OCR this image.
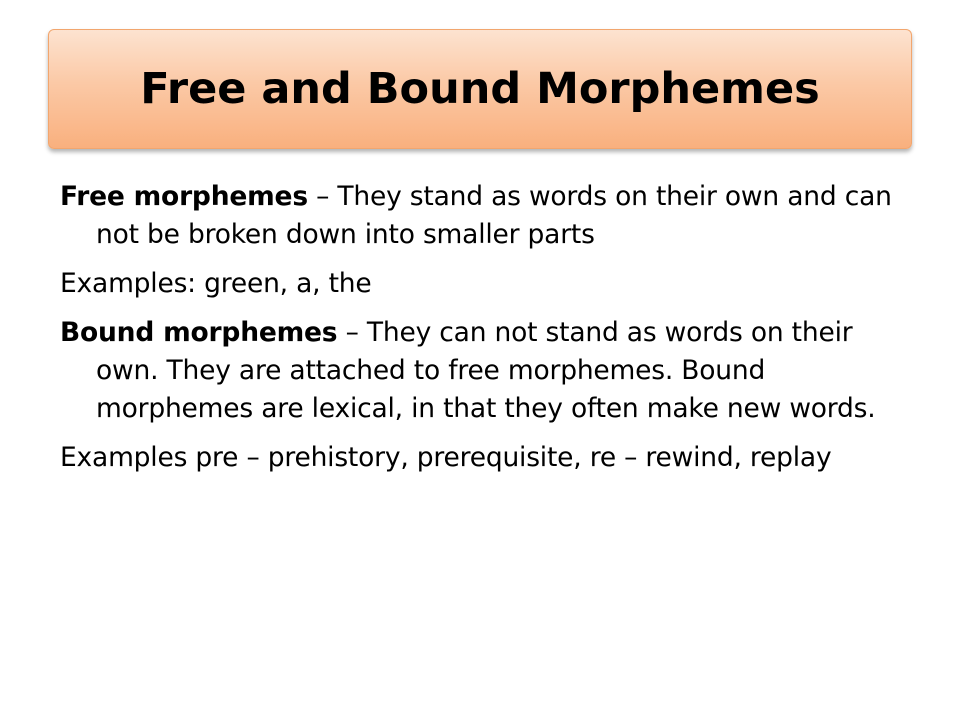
Free and Bound Morphemes

Free morphemes – They stand as words on their own and can not be broken down into smaller parts

Examples: green, a, the

Bound morphemes – They can not stand as words on their own. They are attached to free morphemes. Bound morphemes are lexical, in that they often make new words.

Examples pre – prehistory, prerequisite, re – rewind, replay
